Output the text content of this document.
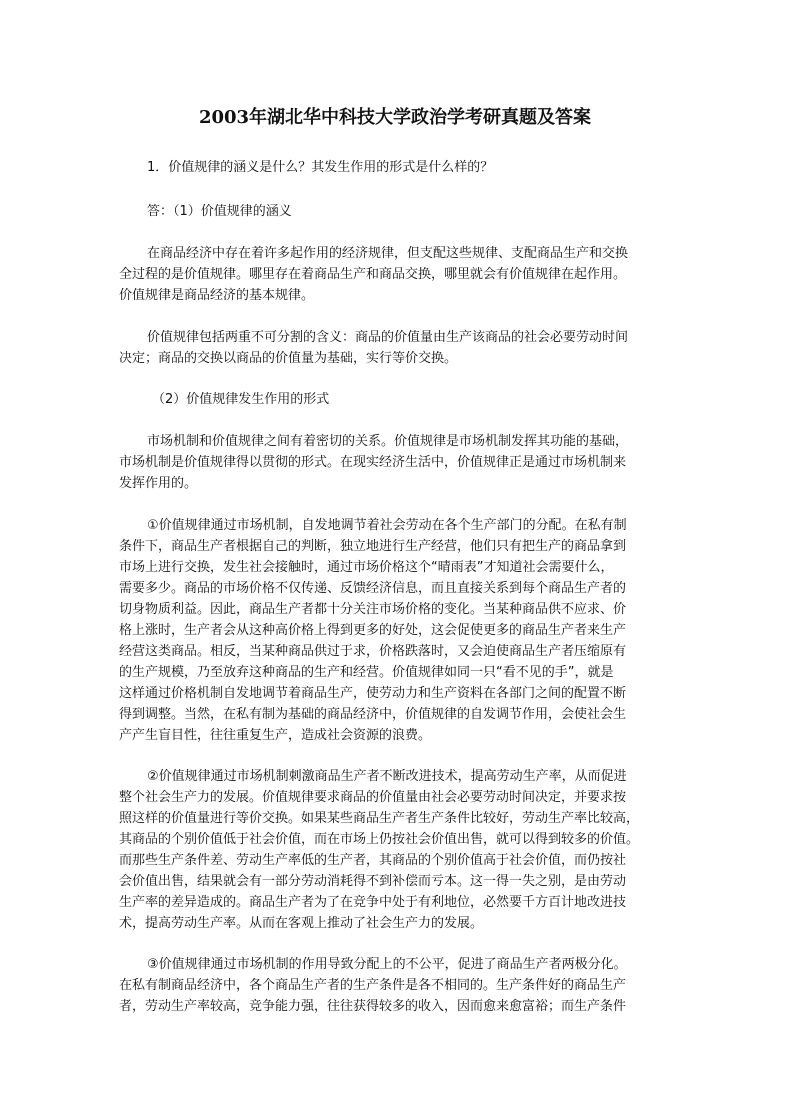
2003年湖北华中科技大学政治学考研真题及答案
1．价值规律的涵义是什么？其发生作用的形式是什么样的？
答：（1）价值规律的涵义
在商品经济中存在着许多起作用的经济规律，但支配这些规律、支配商品生产和交换
全过程的是价值规律。哪里存在着商品生产和商品交换，哪里就会有价值规律在起作用。
价值规律是商品经济的基本规律。
价值规律包括两重不可分割的含义：商品的价值量由生产该商品的社会必要劳动时间
决定；商品的交换以商品的价值量为基础，实行等价交换。
（2）价值规律发生作用的形式
市场机制和价值规律之间有着密切的关系。价值规律是市场机制发挥其功能的基础，
市场机制是价值规律得以贯彻的形式。在现实经济生活中，价值规律正是通过市场机制来
发挥作用的。
①价值规律通过市场机制，自发地调节着社会劳动在各个生产部门的分配。在私有制
条件下，商品生产者根据自己的判断，独立地进行生产经营，他们只有把生产的商品拿到
市场上进行交换，发生社会接触时，通过市场价格这个“晴雨表”才知道社会需要什么，
需要多少。商品的市场价格不仅传递、反馈经济信息，而且直接关系到每个商品生产者的
切身物质利益。因此，商品生产者都十分关注市场价格的变化。当某种商品供不应求、价
格上涨时，生产者会从这种高价格上得到更多的好处，这会促使更多的商品生产者来生产
经营这类商品。相反，当某种商品供过于求，价格跌落时，又会迫使商品生产者压缩原有
的生产规模，乃至放弃这种商品的生产和经营。价值规律如同一只“看不见的手”，就是
这样通过价格机制自发地调节着商品生产，使劳动力和生产资料在各部门之间的配置不断
得到调整。当然，在私有制为基础的商品经济中，价值规律的自发调节作用，会使社会生
产产生盲目性，往往重复生产，造成社会资源的浪费。
②价值规律通过市场机制刺激商品生产者不断改进技术，提高劳动生产率，从而促进
整个社会生产力的发展。价值规律要求商品的价值量由社会必要劳动时间决定，并要求按
照这样的价值量进行等价交换。如果某些商品生产者生产条件比较好，劳动生产率比较高，
其商品的个别价值低于社会价值，而在市场上仍按社会价值出售，就可以得到较多的价值。
而那些生产条件差、劳动生产率低的生产者，其商品的个别价值高于社会价值，而仍按社
会价值出售，结果就会有一部分劳动消耗得不到补偿而亏本。这一得一失之别，是由劳动
生产率的差异造成的。商品生产者为了在竞争中处于有利地位，必然要千方百计地改进技
术，提高劳动生产率。从而在客观上推动了社会生产力的发展。
③价值规律通过市场机制的作用导致分配上的不公平，促进了商品生产者两极分化。
在私有制商品经济中，各个商品生产者的生产条件是各不相同的。生产条件好的商品生产
者，劳动生产率较高，竞争能力强，往往获得较多的收入，因而愈来愈富裕；而生产条件
